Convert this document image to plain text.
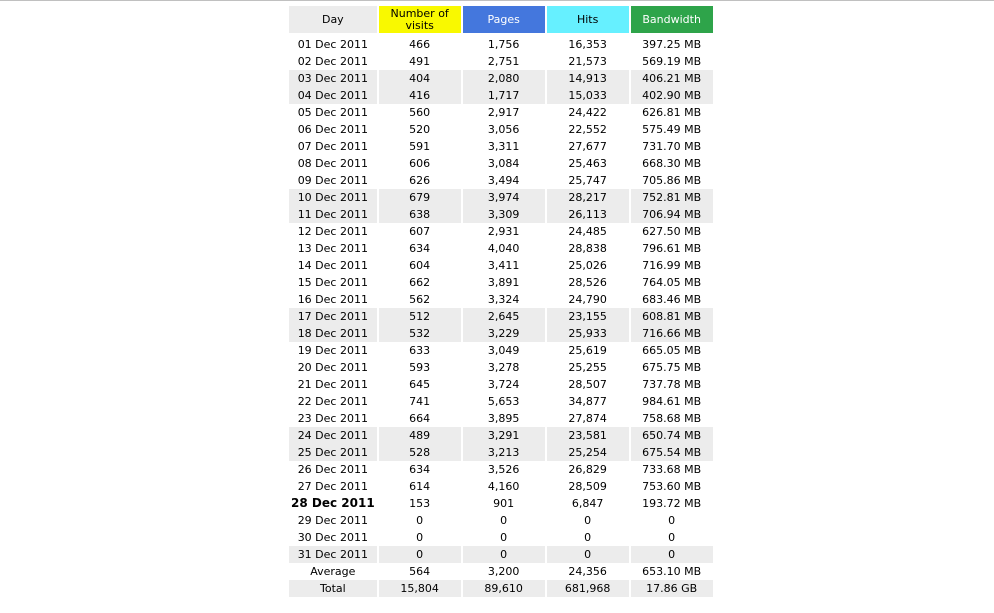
Day	Number of visits	Pages	Hits	Bandwidth
01 Dec 2011	466	1,756	16,353	397.25 MB
02 Dec 2011	491	2,751	21,573	569.19 MB
03 Dec 2011	404	2,080	14,913	406.21 MB
04 Dec 2011	416	1,717	15,033	402.90 MB
05 Dec 2011	560	2,917	24,422	626.81 MB
06 Dec 2011	520	3,056	22,552	575.49 MB
07 Dec 2011	591	3,311	27,677	731.70 MB
08 Dec 2011	606	3,084	25,463	668.30 MB
09 Dec 2011	626	3,494	25,747	705.86 MB
10 Dec 2011	679	3,974	28,217	752.81 MB
11 Dec 2011	638	3,309	26,113	706.94 MB
12 Dec 2011	607	2,931	24,485	627.50 MB
13 Dec 2011	634	4,040	28,838	796.61 MB
14 Dec 2011	604	3,411	25,026	716.99 MB
15 Dec 2011	662	3,891	28,526	764.05 MB
16 Dec 2011	562	3,324	24,790	683.46 MB
17 Dec 2011	512	2,645	23,155	608.81 MB
18 Dec 2011	532	3,229	25,933	716.66 MB
19 Dec 2011	633	3,049	25,619	665.05 MB
20 Dec 2011	593	3,278	25,255	675.75 MB
21 Dec 2011	645	3,724	28,507	737.78 MB
22 Dec 2011	741	5,653	34,877	984.61 MB
23 Dec 2011	664	3,895	27,874	758.68 MB
24 Dec 2011	489	3,291	23,581	650.74 MB
25 Dec 2011	528	3,213	25,254	675.54 MB
26 Dec 2011	634	3,526	26,829	733.68 MB
27 Dec 2011	614	4,160	28,509	753.60 MB
28 Dec 2011	153	901	6,847	193.72 MB
29 Dec 2011	0	0	0	0
30 Dec 2011	0	0	0	0
31 Dec 2011	0	0	0	0
Average	564	3,200	24,356	653.10 MB
Total	15,804	89,610	681,968	17.86 GB
